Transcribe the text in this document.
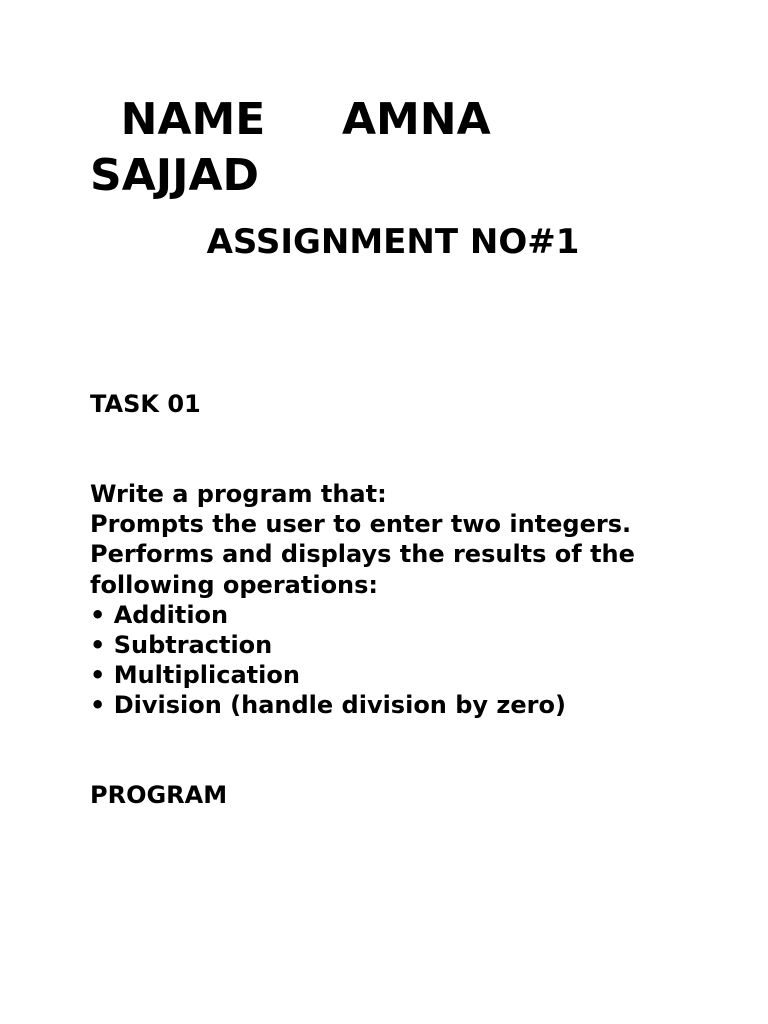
NAME     AMNA
SAJJAD
ASSIGNMENT NO#1
TASK 01
Write a program that:
Prompts the user to enter two integers.
Performs and displays the results of the
following operations:
• Addition
• Subtraction
• Multiplication
• Division (handle division by zero)
PROGRAM
